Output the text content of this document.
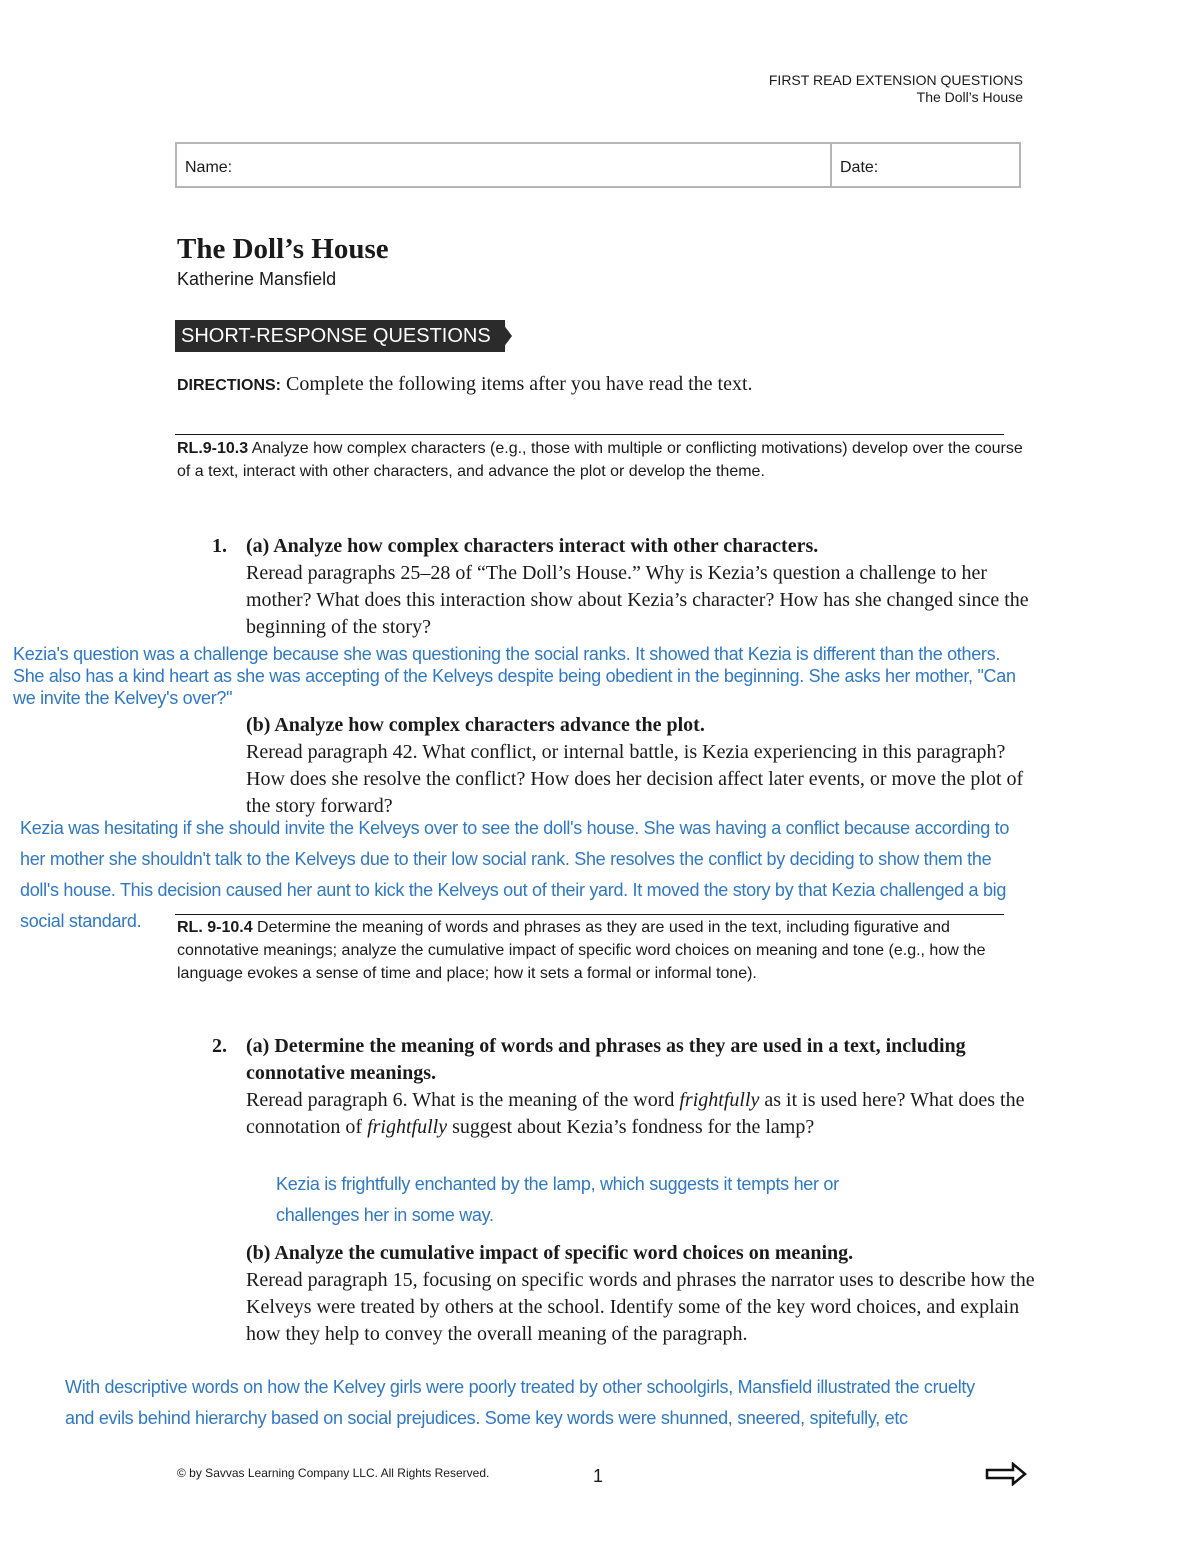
FIRST READ EXTENSION QUESTIONS
The Doll’s House
Name:	Date:
The Doll’s House
Katherine Mansfield
SHORT-RESPONSE QUESTIONS
DIRECTIONS: Complete the following items after you have read the text.
RL.9-10.3 Analyze how complex characters (e.g., those with multiple or conflicting motivations) develop over the course of a text, interact with other characters, and advance the plot or develop the theme.
1. (a) Analyze how complex characters interact with other characters.
Reread paragraphs 25–28 of “The Doll’s House.” Why is Kezia’s question a challenge to her mother? What does this interaction show about Kezia’s character? How has she changed since the beginning of the story?
Kezia's question was a challenge because she was questioning the social ranks. It showed that Kezia is different than the others.
She also has a kind heart as she was accepting of the Kelveys despite being obedient in the beginning. She asks her mother, "Can
we invite the Kelvey's over?"
(b) Analyze how complex characters advance the plot.
Reread paragraph 42. What conflict, or internal battle, is Kezia experiencing in this paragraph? How does she resolve the conflict? How does her decision affect later events, or move the plot of the story forward?
Kezia was hesitating if she should invite the Kelveys over to see the doll's house. She was having a conflict because according to
her mother she shouldn't talk to the Kelveys due to their low social rank. She resolves the conflict by deciding to show them the
doll's house. This decision caused her aunt to kick the Kelveys out of their yard. It moved the story by that Kezia challenged a big
social standard.	RL. 9-10.4 Determine the meaning of words and phrases as they are used in the text, including figurative and connotative meanings; analyze the cumulative impact of specific word choices on meaning and tone (e.g., how the language evokes a sense of time and place; how it sets a formal or informal tone).
2. (a) Determine the meaning of words and phrases as they are used in a text, including connotative meanings.
Reread paragraph 6. What is the meaning of the word frightfully as it is used here? What does the connotation of frightfully suggest about Kezia’s fondness for the lamp?
Kezia is frightfully enchanted by the lamp, which suggests it tempts her or
challenges her in some way.
(b) Analyze the cumulative impact of specific word choices on meaning.
Reread paragraph 15, focusing on specific words and phrases the narrator uses to describe how the Kelveys were treated by others at the school. Identify some of the key word choices, and explain how they help to convey the overall meaning of the paragraph.
With descriptive words on how the Kelvey girls were poorly treated by other schoolgirls, Mansfield illustrated the cruelty
and evils behind hierarchy based on social prejudices. Some key words were shunned, sneered, spitefully, etc
© by Savvas Learning Company LLC. All Rights Reserved.	1
